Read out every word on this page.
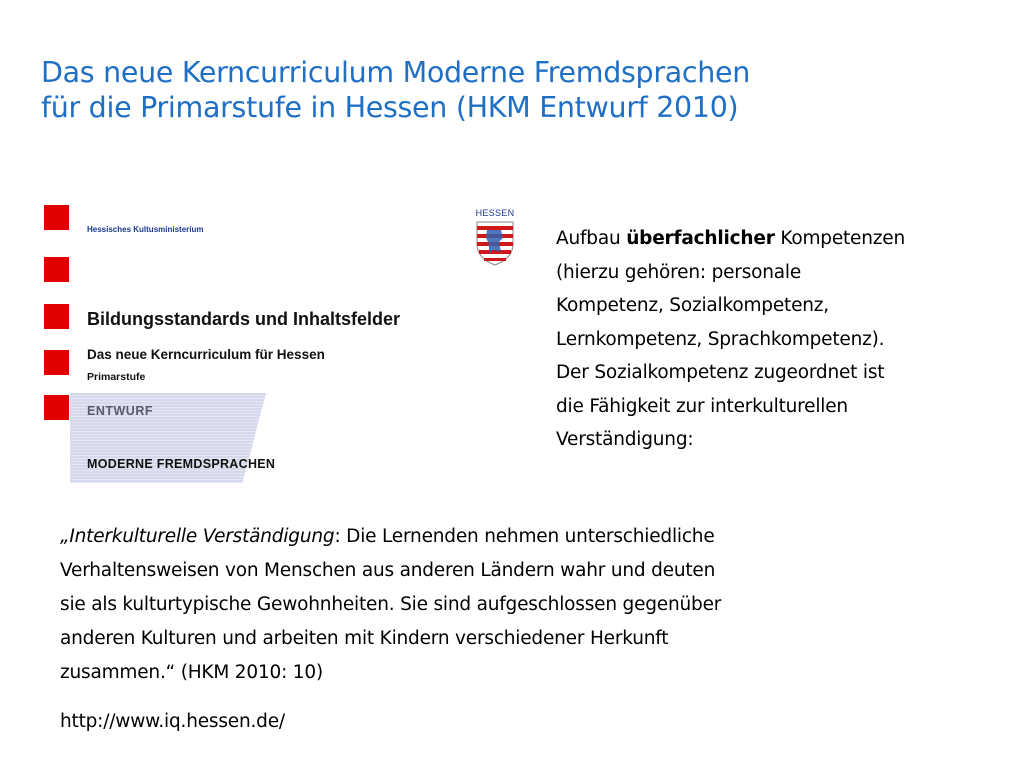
Das neue Kerncurriculum Moderne Fremdsprachen
für die Primarstufe in Hessen (HKM Entwurf 2010)
Hessisches Kultusministerium
Bildungsstandards und Inhaltsfelder
Das neue Kerncurriculum für Hessen
Primarstufe
ENTWURF
MODERNE FREMDSPRACHEN
HESSEN
Aufbau überfachlicher Kompetenzen
(hierzu gehören: personale
Kompetenz, Sozialkompetenz,
Lernkompetenz, Sprachkompetenz).
Der Sozialkompetenz zugeordnet ist
die Fähigkeit zur interkulturellen
Verständigung:
„Interkulturelle Verständigung: Die Lernenden nehmen unterschiedliche
Verhaltensweisen von Menschen aus anderen Ländern wahr und deuten
sie als kulturtypische Gewohnheiten. Sie sind aufgeschlossen gegenüber
anderen Kulturen und arbeiten mit Kindern verschiedener Herkunft
zusammen.“ (HKM 2010: 10)
http://www.iq.hessen.de/
